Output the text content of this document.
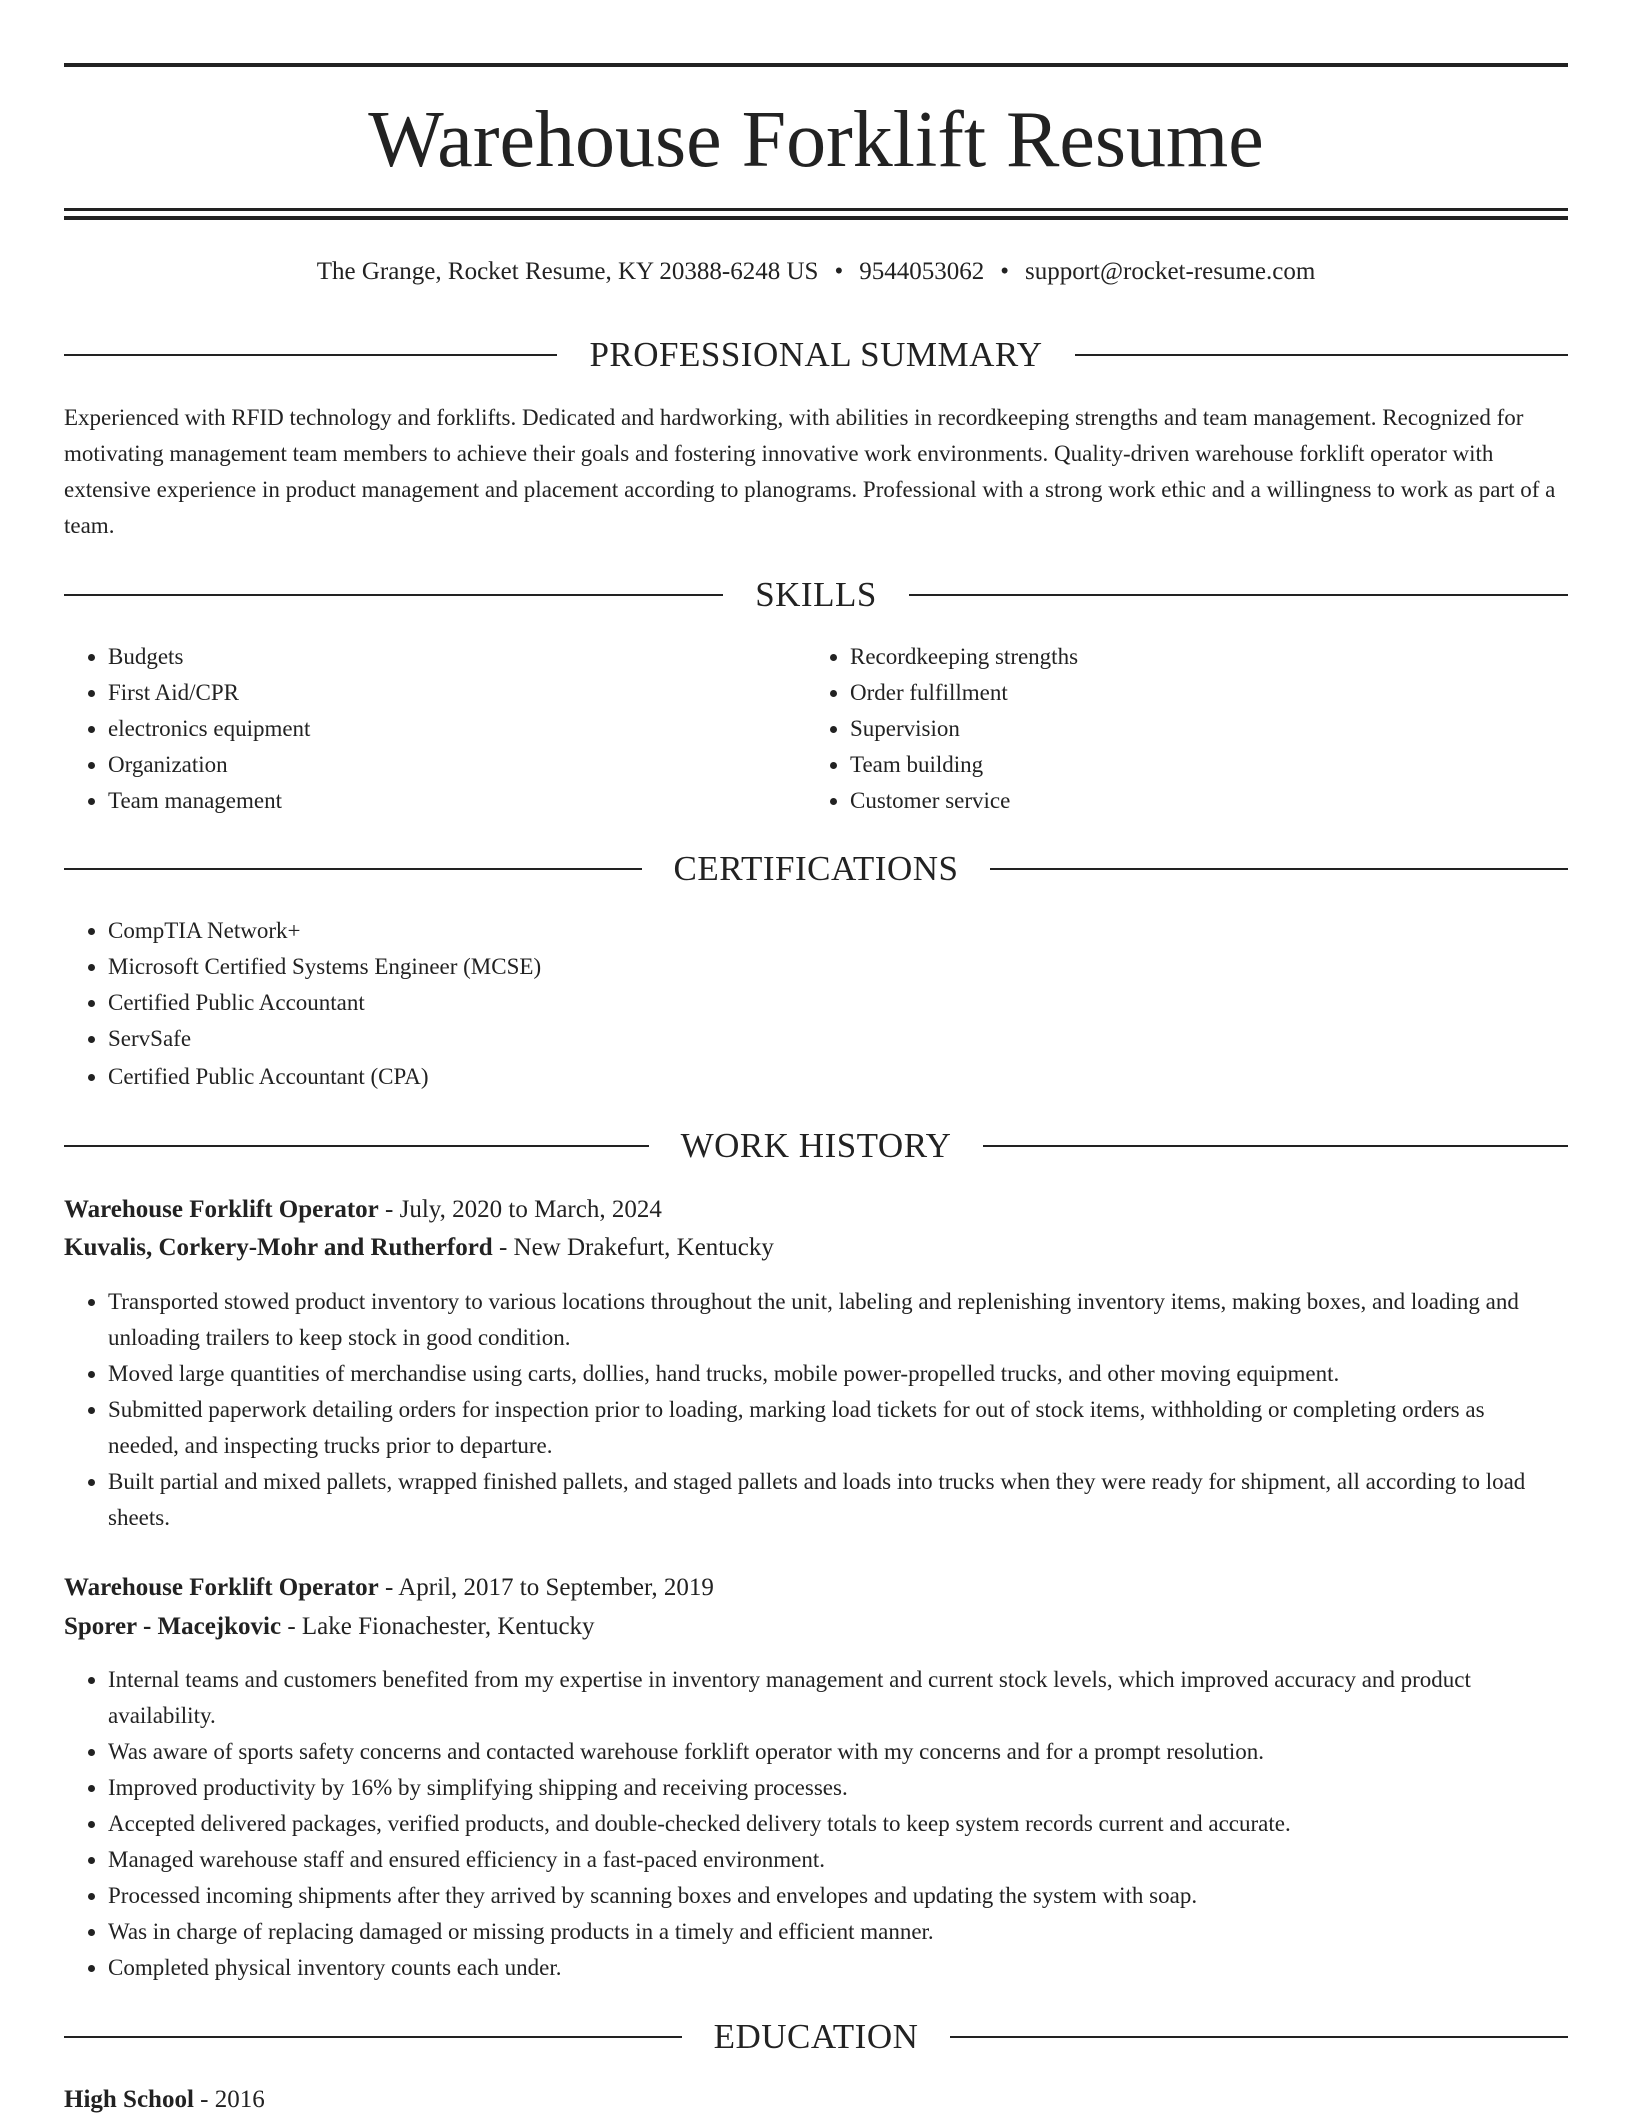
Warehouse Forklift Resume
The Grange, Rocket Resume, KY 20388-6248 US • 9544053062 • support@rocket-resume.com
PROFESSIONAL SUMMARY

Experienced with RFID technology and forklifts. Dedicated and hardworking, with abilities in recordkeeping strengths and team management. Recognized for motivating management team members to achieve their goals and fostering innovative work environments. Quality-driven warehouse forklift operator with extensive experience in product management and placement according to planograms. Professional with a strong work ethic and a willingness to work as part of a team.

SKILLS
• Budgets
• First Aid/CPR
• electronics equipment
• Organization
• Team management
• Recordkeeping strengths
• Order fulfillment
• Supervision
• Team building
• Customer service
CERTIFICATIONS
• CompTIA Network+
• Microsoft Certified Systems Engineer (MCSE)
• Certified Public Accountant
• ServSafe
• Certified Public Accountant (CPA)
WORK HISTORY
Warehouse Forklift Operator - July, 2020 to March, 2024
Kuvalis, Corkery-Mohr and Rutherford - New Drakefurt, Kentucky
• Transported stowed product inventory to various locations throughout the unit, labeling and replenishing inventory items, making boxes, and loading and unloading trailers to keep stock in good condition.
• Moved large quantities of merchandise using carts, dollies, hand trucks, mobile power-propelled trucks, and other moving equipment.
• Submitted paperwork detailing orders for inspection prior to loading, marking load tickets for out of stock items, withholding or completing orders as needed, and inspecting trucks prior to departure.
• Built partial and mixed pallets, wrapped finished pallets, and staged pallets and loads into trucks when they were ready for shipment, all according to load sheets.
Warehouse Forklift Operator - April, 2017 to September, 2019
Sporer - Macejkovic - Lake Fionachester, Kentucky
• Internal teams and customers benefited from my expertise in inventory management and current stock levels, which improved accuracy and product availability.
• Was aware of sports safety concerns and contacted warehouse forklift operator with my concerns and for a prompt resolution.
• Improved productivity by 16% by simplifying shipping and receiving processes.
• Accepted delivered packages, verified products, and double-checked delivery totals to keep system records current and accurate.
• Managed warehouse staff and ensured efficiency in a fast-paced environment.
• Processed incoming shipments after they arrived by scanning boxes and envelopes and updating the system with soap.
• Was in charge of replacing damaged or missing products in a timely and efficient manner.
• Completed physical inventory counts each under.
EDUCATION
High School - 2016
